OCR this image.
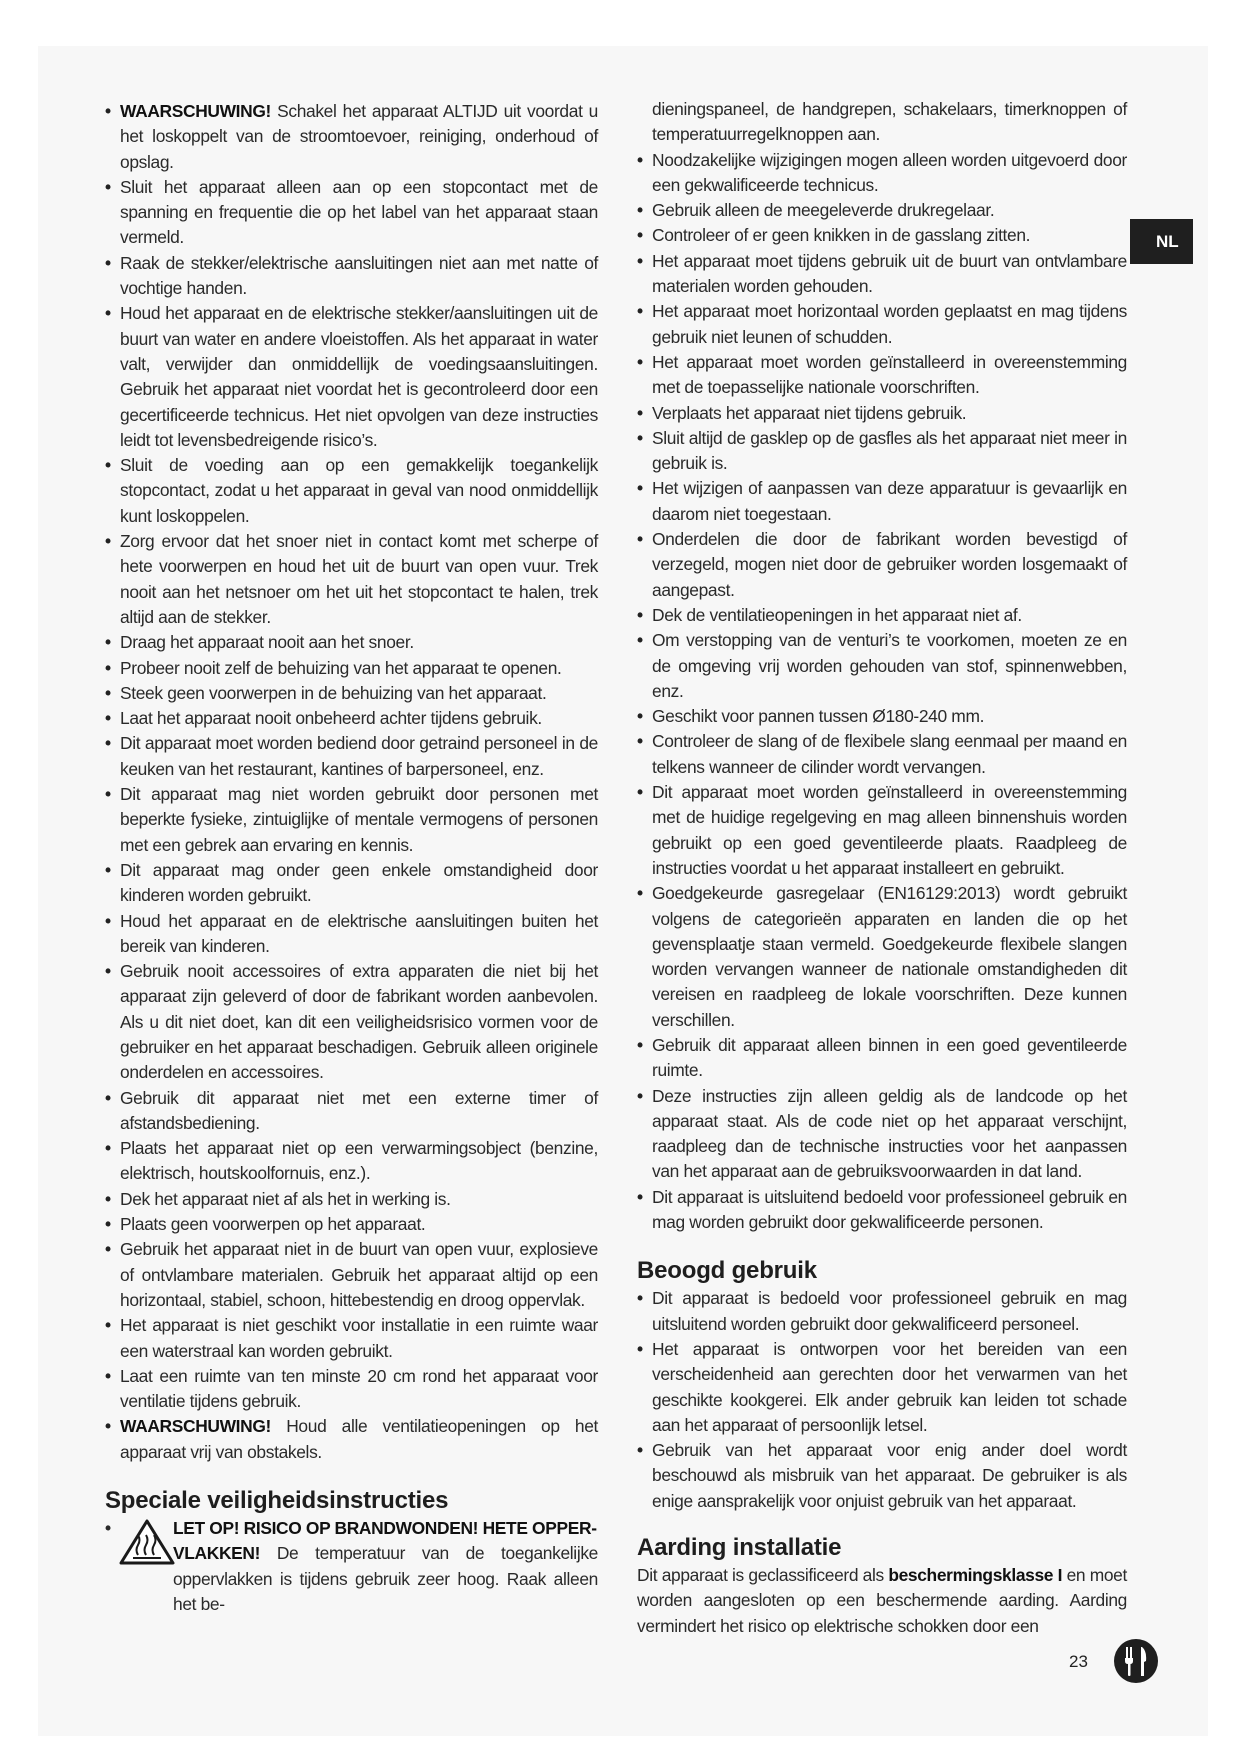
NL
• WAARSCHUWING! Schakel het apparaat ALTIJD uit voordat u het loskoppelt van de stroomtoevoer, reiniging, onderhoud of opslag.
• Sluit het apparaat alleen aan op een stopcontact met de spanning en frequentie die op het label van het apparaat staan vermeld.
• Raak de stekker/elektrische aansluitingen niet aan met natte of vochtige handen.
• Houd het apparaat en de elektrische stekker/aansluitingen uit de buurt van water en andere vloeistoffen. Als het apparaat in water valt, verwijder dan onmiddellijk de voedingsaansluitingen. Gebruik het apparaat niet voordat het is gecontroleerd door een gecertificeerde technicus. Het niet opvolgen van deze instructies leidt tot levensbedreigende risico’s.
• Sluit de voeding aan op een gemakkelijk toegankelijk stopcontact, zodat u het apparaat in geval van nood onmiddellijk kunt loskoppelen.
• Zorg ervoor dat het snoer niet in contact komt met scherpe of hete voorwerpen en houd het uit de buurt van open vuur. Trek nooit aan het netsnoer om het uit het stopcontact te halen, trek altijd aan de stekker.
• Draag het apparaat nooit aan het snoer.
• Probeer nooit zelf de behuizing van het apparaat te openen.
• Steek geen voorwerpen in de behuizing van het apparaat.
• Laat het apparaat nooit onbeheerd achter tijdens gebruik.
• Dit apparaat moet worden bediend door getraind personeel in de keuken van het restaurant, kantines of barpersoneel, enz.
• Dit apparaat mag niet worden gebruikt door personen met beperkte fysieke, zintuiglijke of mentale vermogens of personen met een gebrek aan ervaring en kennis.
• Dit apparaat mag onder geen enkele omstandigheid door kinderen worden gebruikt.
• Houd het apparaat en de elektrische aansluitingen buiten het bereik van kinderen.
• Gebruik nooit accessoires of extra apparaten die niet bij het apparaat zijn geleverd of door de fabrikant worden aanbevolen. Als u dit niet doet, kan dit een veiligheidsrisico vormen voor de gebruiker en het apparaat beschadigen. Gebruik alleen originele onderdelen en accessoires.
• Gebruik dit apparaat niet met een externe timer of afstandsbediening.
• Plaats het apparaat niet op een verwarmingsobject (benzine, elektrisch, houtskoolfornuis, enz.).
• Dek het apparaat niet af als het in werking is.
• Plaats geen voorwerpen op het apparaat.
• Gebruik het apparaat niet in de buurt van open vuur, explosieve of ontvlambare materialen. Gebruik het apparaat altijd op een horizontaal, stabiel, schoon, hittebestendig en droog oppervlak.
• Het apparaat is niet geschikt voor installatie in een ruimte waar een waterstraal kan worden gebruikt.
• Laat een ruimte van ten minste 20 cm rond het apparaat voor ventilatie tijdens gebruik.
• WAARSCHUWING! Houd alle ventilatieopeningen op het apparaat vrij van obstakels.
Speciale veiligheidsinstructies
• LET OP! RISICO OP BRANDWONDEN! HETE OPPER-
VLAKKEN! De temperatuur van de toegankelijke oppervlakken is tijdens gebruik zeer hoog. Raak alleen het be-
dieningspaneel, de handgrepen, schakelaars, timerknoppen of temperatuurregelknoppen aan.
• Noodzakelijke wijzigingen mogen alleen worden uitgevoerd door een gekwalificeerde technicus.
• Gebruik alleen de meegeleverde drukregelaar.
• Controleer of er geen knikken in de gasslang zitten.
• Het apparaat moet tijdens gebruik uit de buurt van ontvlambare materialen worden gehouden.
• Het apparaat moet horizontaal worden geplaatst en mag tijdens gebruik niet leunen of schudden.
• Het apparaat moet worden geïnstalleerd in overeenstemming met de toepasselijke nationale voorschriften.
• Verplaats het apparaat niet tijdens gebruik.
• Sluit altijd de gasklep op de gasfles als het apparaat niet meer in gebruik is.
• Het wijzigen of aanpassen van deze apparatuur is gevaarlijk en daarom niet toegestaan.
• Onderdelen die door de fabrikant worden bevestigd of verzegeld, mogen niet door de gebruiker worden losgemaakt of aangepast.
• Dek de ventilatieopeningen in het apparaat niet af.
• Om verstopping van de venturi’s te voorkomen, moeten ze en de omgeving vrij worden gehouden van stof, spinnenwebben, enz.
• Geschikt voor pannen tussen Ø180-240 mm.
• Controleer de slang of de flexibele slang eenmaal per maand en telkens wanneer de cilinder wordt vervangen.
• Dit apparaat moet worden geïnstalleerd in overeenstemming met de huidige regelgeving en mag alleen binnenshuis worden gebruikt op een goed geventileerde plaats. Raadpleeg de instructies voordat u het apparaat installeert en gebruikt.
• Goedgekeurde gasregelaar (EN16129:2013) wordt gebruikt volgens de categorieën apparaten en landen die op het gevensplaatje staan vermeld. Goedgekeurde flexibele slangen worden vervangen wanneer de nationale omstandigheden dit vereisen en raadpleeg de lokale voorschriften. Deze kunnen verschillen.
• Gebruik dit apparaat alleen binnen in een goed geventileerde ruimte.
• Deze instructies zijn alleen geldig als de landcode op het apparaat staat. Als de code niet op het apparaat verschijnt, raadpleeg dan de technische instructies voor het aanpassen van het apparaat aan de gebruiksvoorwaarden in dat land.
• Dit apparaat is uitsluitend bedoeld voor professioneel gebruik en mag worden gebruikt door gekwalificeerde personen.
Beoogd gebruik
• Dit apparaat is bedoeld voor professioneel gebruik en mag uitsluitend worden gebruikt door gekwalificeerd personeel.
• Het apparaat is ontworpen voor het bereiden van een verscheidenheid aan gerechten door het verwarmen van het geschikte kookgerei. Elk ander gebruik kan leiden tot schade aan het apparaat of persoonlijk letsel.
• Gebruik van het apparaat voor enig ander doel wordt beschouwd als misbruik van het apparaat. De gebruiker is als enige aansprakelijk voor onjuist gebruik van het apparaat.
Aarding installatie

Dit apparaat is geclassificeerd als beschermingsklasse I en moet worden aangesloten op een beschermende aarding. Aarding vermindert het risico op elektrische schokken door een

23
